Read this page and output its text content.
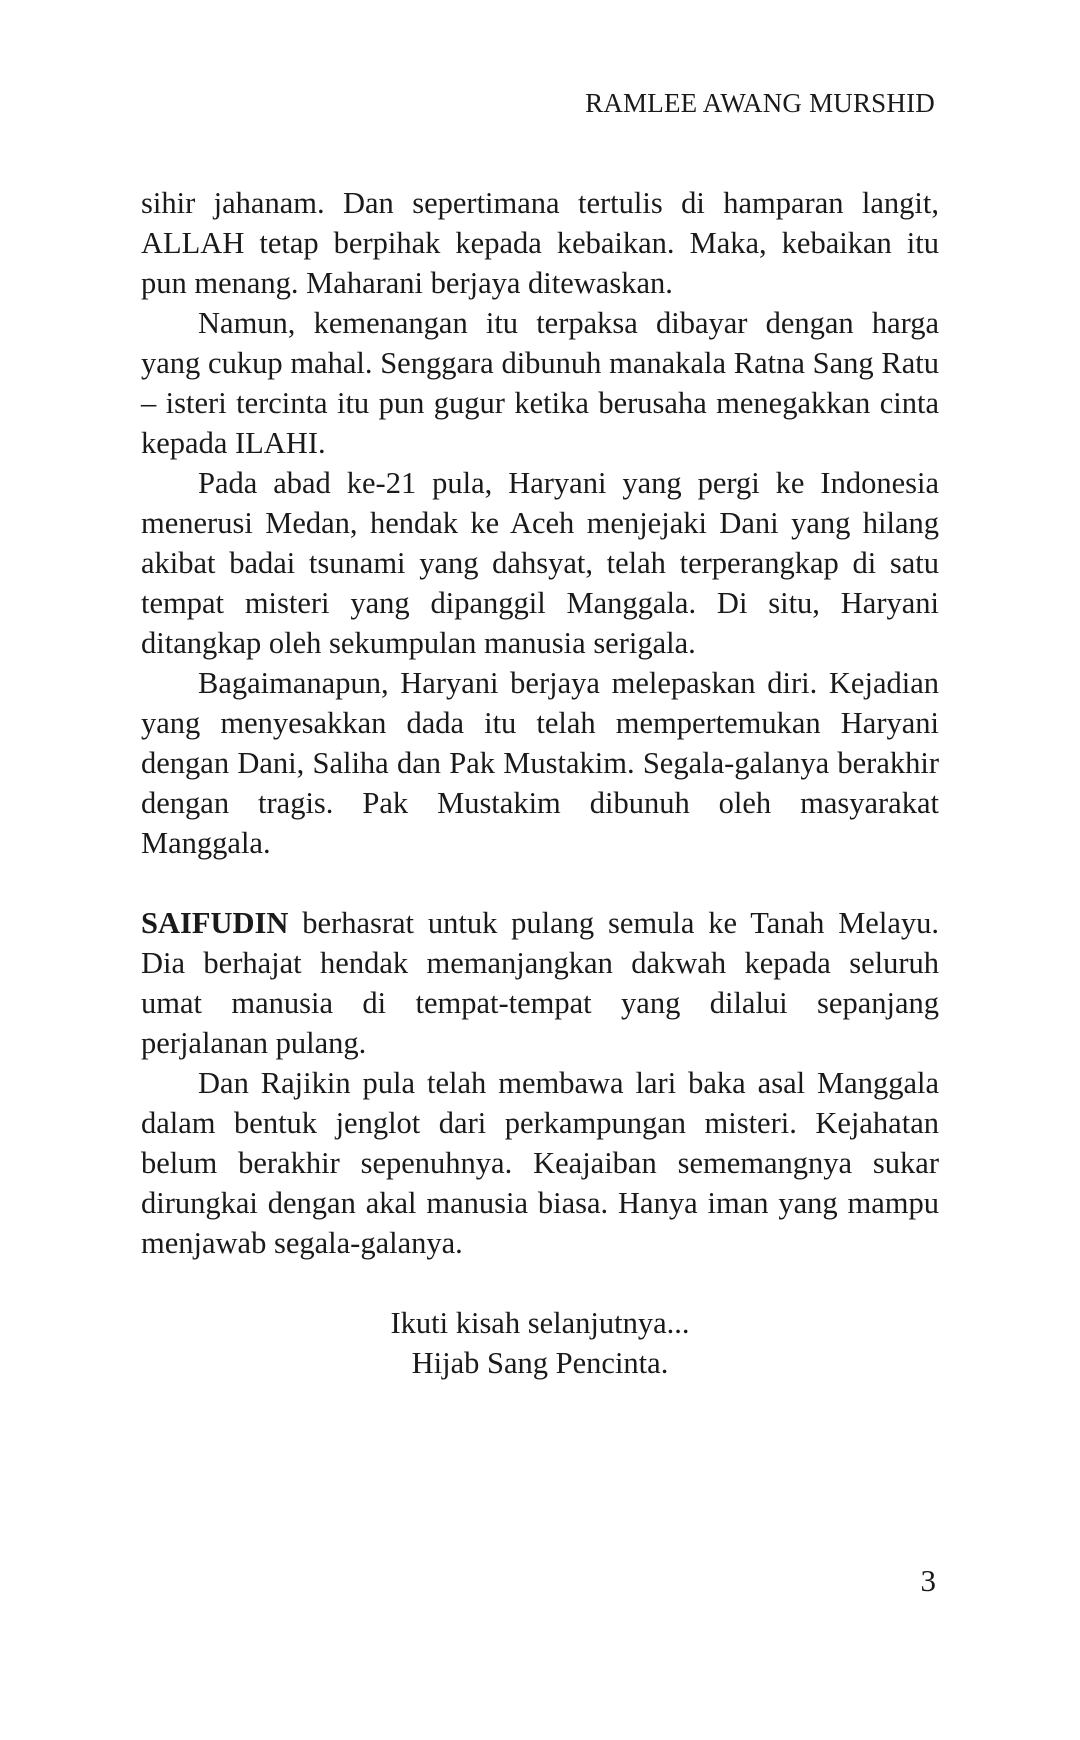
RAMLEE AWANG MURSHID

sihir jahanam. Dan sepertimana tertulis di hamparan langit, ALLAH tetap berpihak kepada kebaikan. Maka, kebaikan itu pun menang. Maharani berjaya ditewaskan.

Namun, kemenangan itu terpaksa dibayar dengan harga yang cukup mahal. Senggara dibunuh manakala Ratna Sang Ratu – isteri tercinta itu pun gugur ketika berusaha menegakkan cinta kepada ILAHI.

Pada abad ke-21 pula, Haryani yang pergi ke Indonesia menerusi Medan, hendak ke Aceh menjejaki Dani yang hilang akibat badai tsunami yang dahsyat, telah terperangkap di satu tempat misteri yang dipanggil Manggala. Di situ, Haryani ditangkap oleh sekumpulan manusia serigala.

Bagaimanapun, Haryani berjaya melepaskan diri. Kejadian yang menyesakkan dada itu telah mempertemukan Haryani dengan Dani, Saliha dan Pak Mustakim. Segala-galanya berakhir dengan tragis. Pak Mustakim dibunuh oleh masyarakat Manggala.

SAIFUDIN berhasrat untuk pulang semula ke Tanah Melayu. Dia berhajat hendak memanjangkan dakwah kepada seluruh umat manusia di tempat-tempat yang dilalui sepanjang perjalanan pulang.

Dan Rajikin pula telah membawa lari baka asal Manggala dalam bentuk jenglot dari perkampungan misteri. Kejahatan belum berakhir sepenuhnya. Keajaiban sememangnya sukar dirungkai dengan akal manusia biasa. Hanya iman yang mampu menjawab segala-galanya.

Ikuti kisah selanjutnya...
Hijab Sang Pencinta.
3
